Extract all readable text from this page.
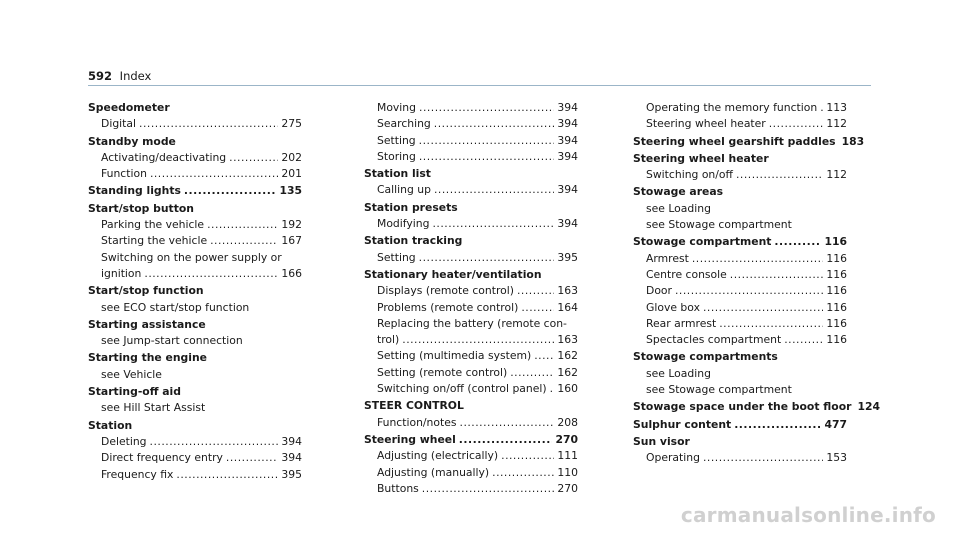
592 Index
Speedometer
Digital .....	275
Standby mode
Activating/deactivating .....	202
Function .....	201
Standing lights .....	135
Start/stop button
Parking the vehicle .....	192
Starting the vehicle .....	167
Switching on the power supply or
ignition .....	166
Start/stop function
see ECO start/stop function
Starting assistance
see Jump-start connection
Starting the engine
see Vehicle
Starting-off aid
see Hill Start Assist
Station
Deleting .....	394
Direct frequency entry .....	394
Frequency fix .....	395
Moving .....	394
Searching .....	394
Setting .....	394
Storing .....	394
Station list
Calling up .....	394
Station presets
Modifying .....	394
Station tracking
Setting .....	395
Stationary heater/ventilation
Displays (remote control) .....	163
Problems (remote control) .....	164
Replacing the battery (remote con-
trol) .....	163
Setting (multimedia system) ..... 162
Setting (remote control) .....	162
Switching on/off (control panel) ..... 160
STEER CONTROL
Function/notes .....	208
Steering wheel .....	270
Adjusting (electrically) .....	111
Adjusting (manually) .....	110
Buttons .....	270
Operating the memory function ..... 113
Steering wheel heater .....	112
Steering wheel gearshift paddles 183
Steering wheel heater
Switching on/off .....	112
Stowage areas
see Loading
see Stowage compartment
Stowage compartment .....	116
Armrest .....	116
Centre console .....	116
Door .....	116
Glove box .....	116
Rear armrest .....	116
Spectacles compartment .....	116
Stowage compartments
see Loading
see Stowage compartment
Stowage space under the boot floor 124
Sulphur content .....	477
Sun visor
Operating .....	153
carmanualsonline.info
